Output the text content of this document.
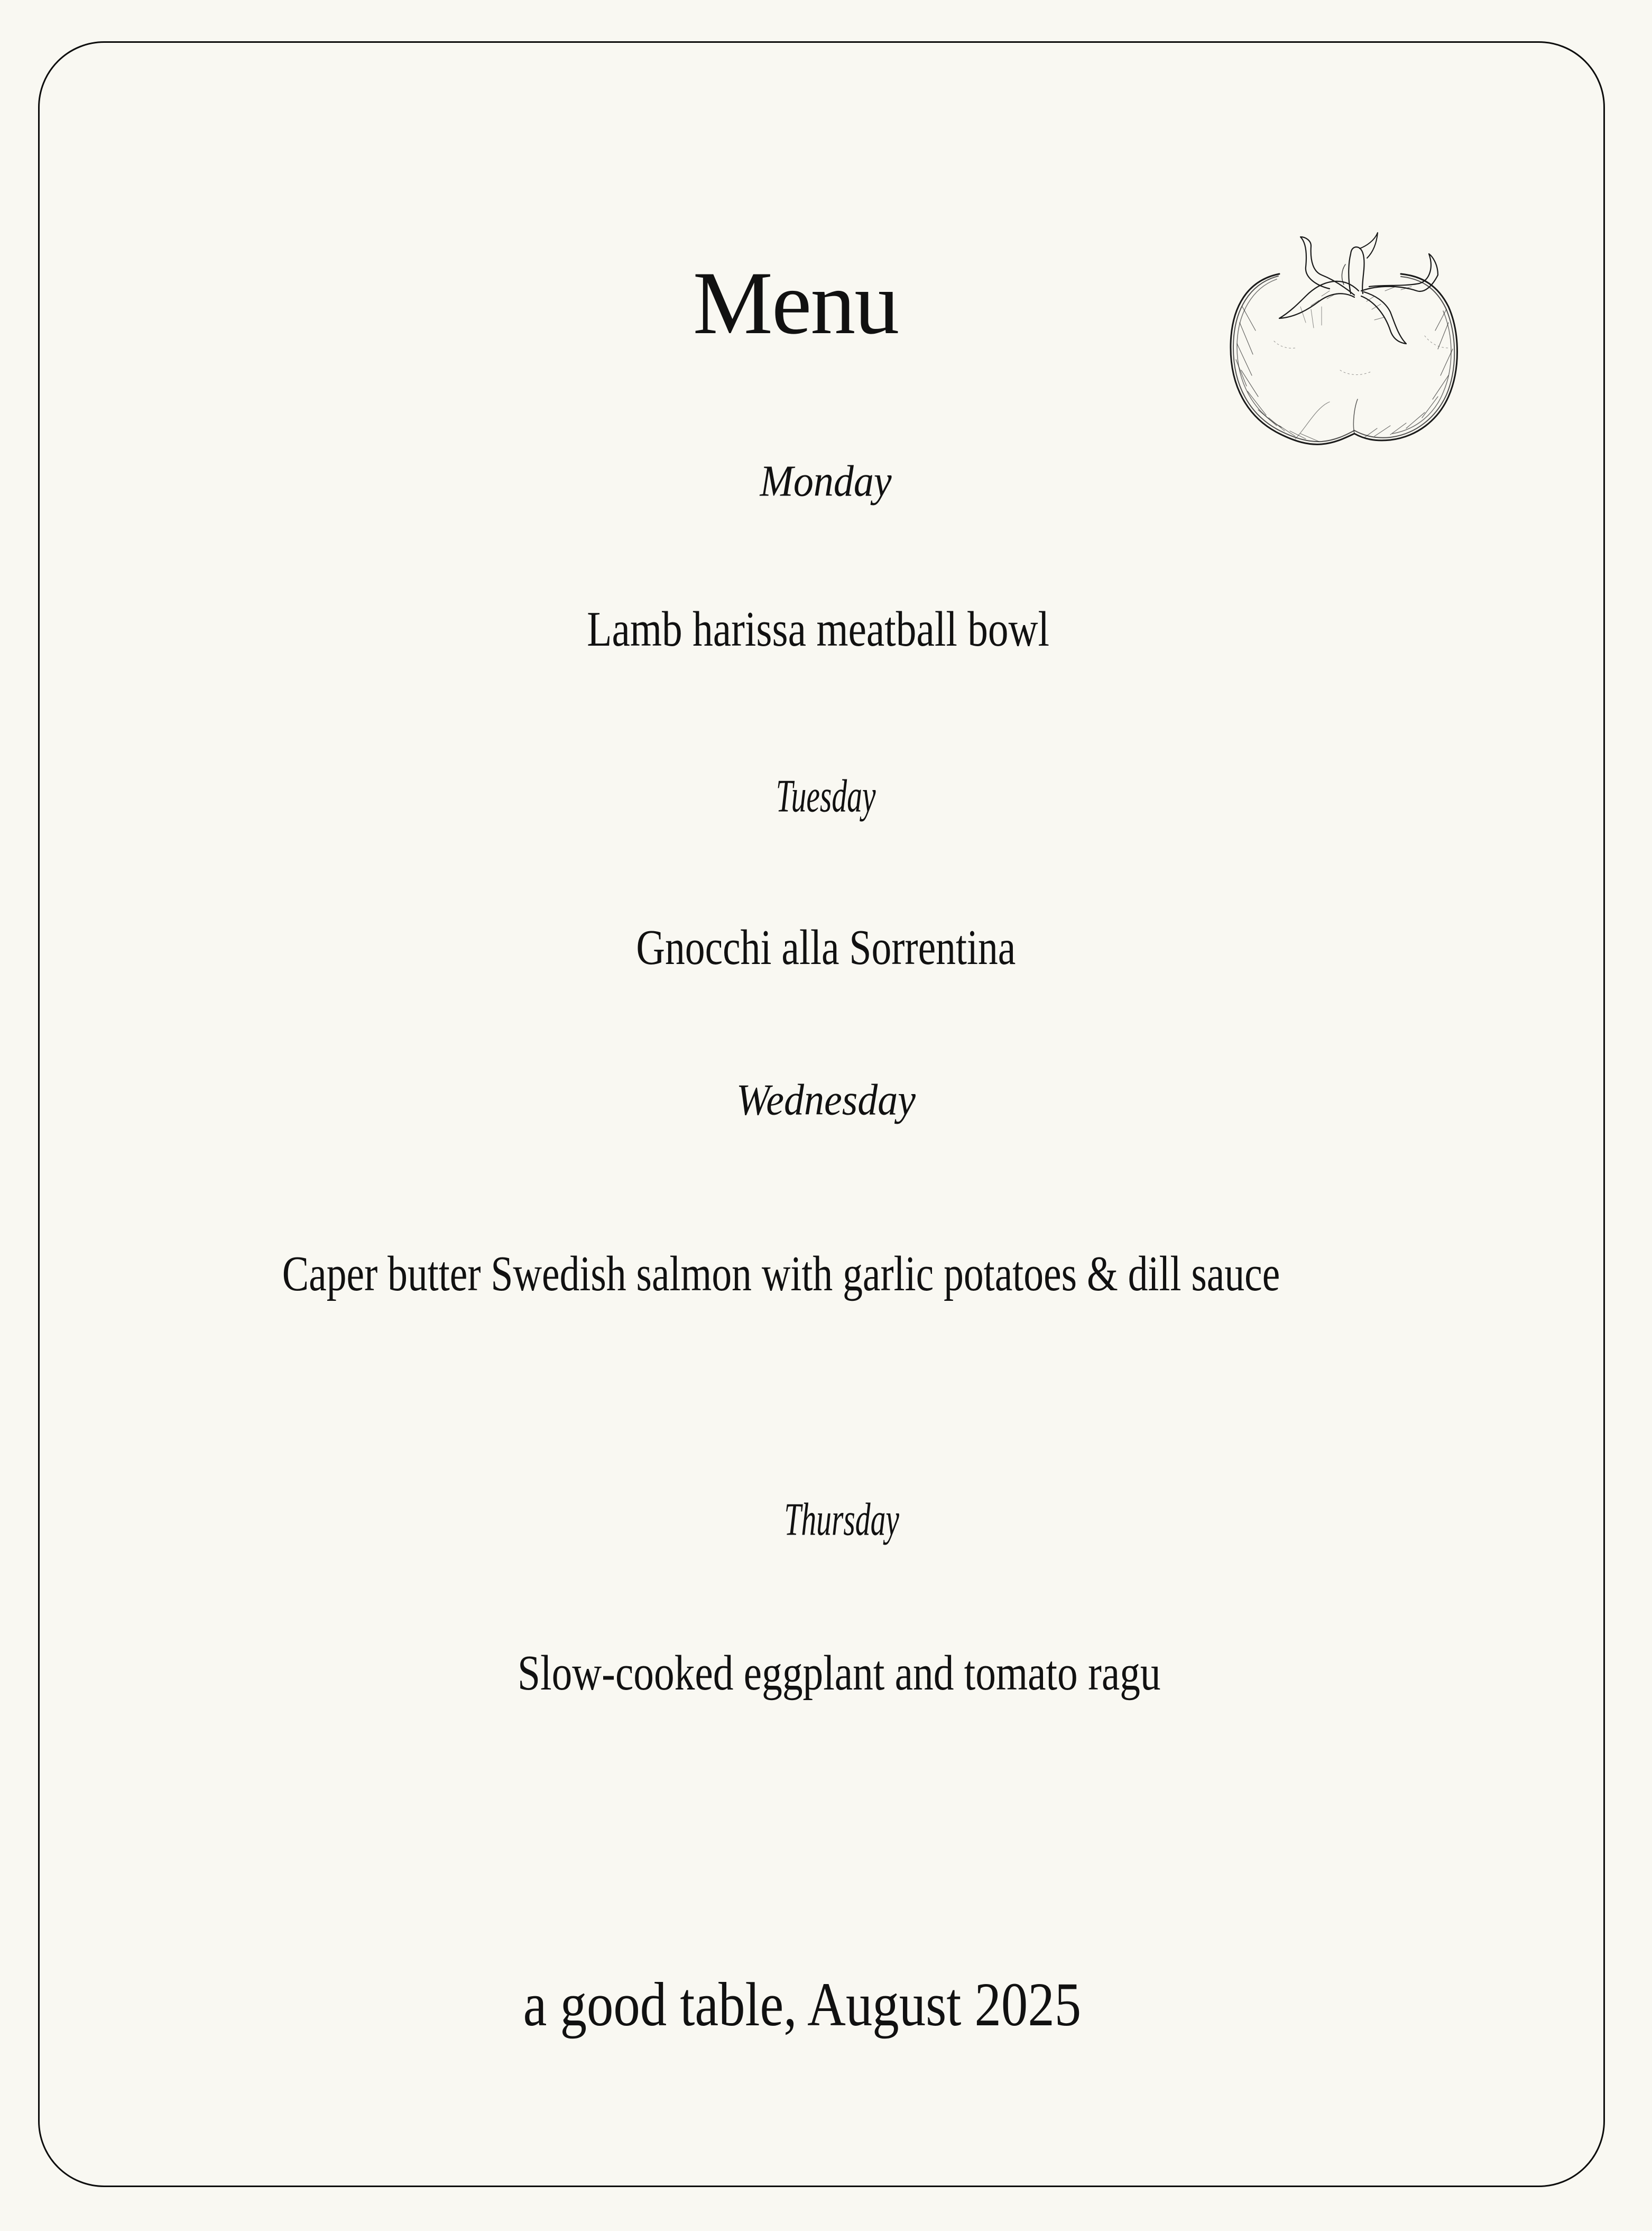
Menu
Monday
Lamb harissa meatball bowl
Tuesday
Gnocchi alla Sorrentina
Wednesday
Caper butter Swedish salmon with garlic potatoes & dill sauce
Thursday
Slow-cooked eggplant and tomato ragu
a good table, August 2025
